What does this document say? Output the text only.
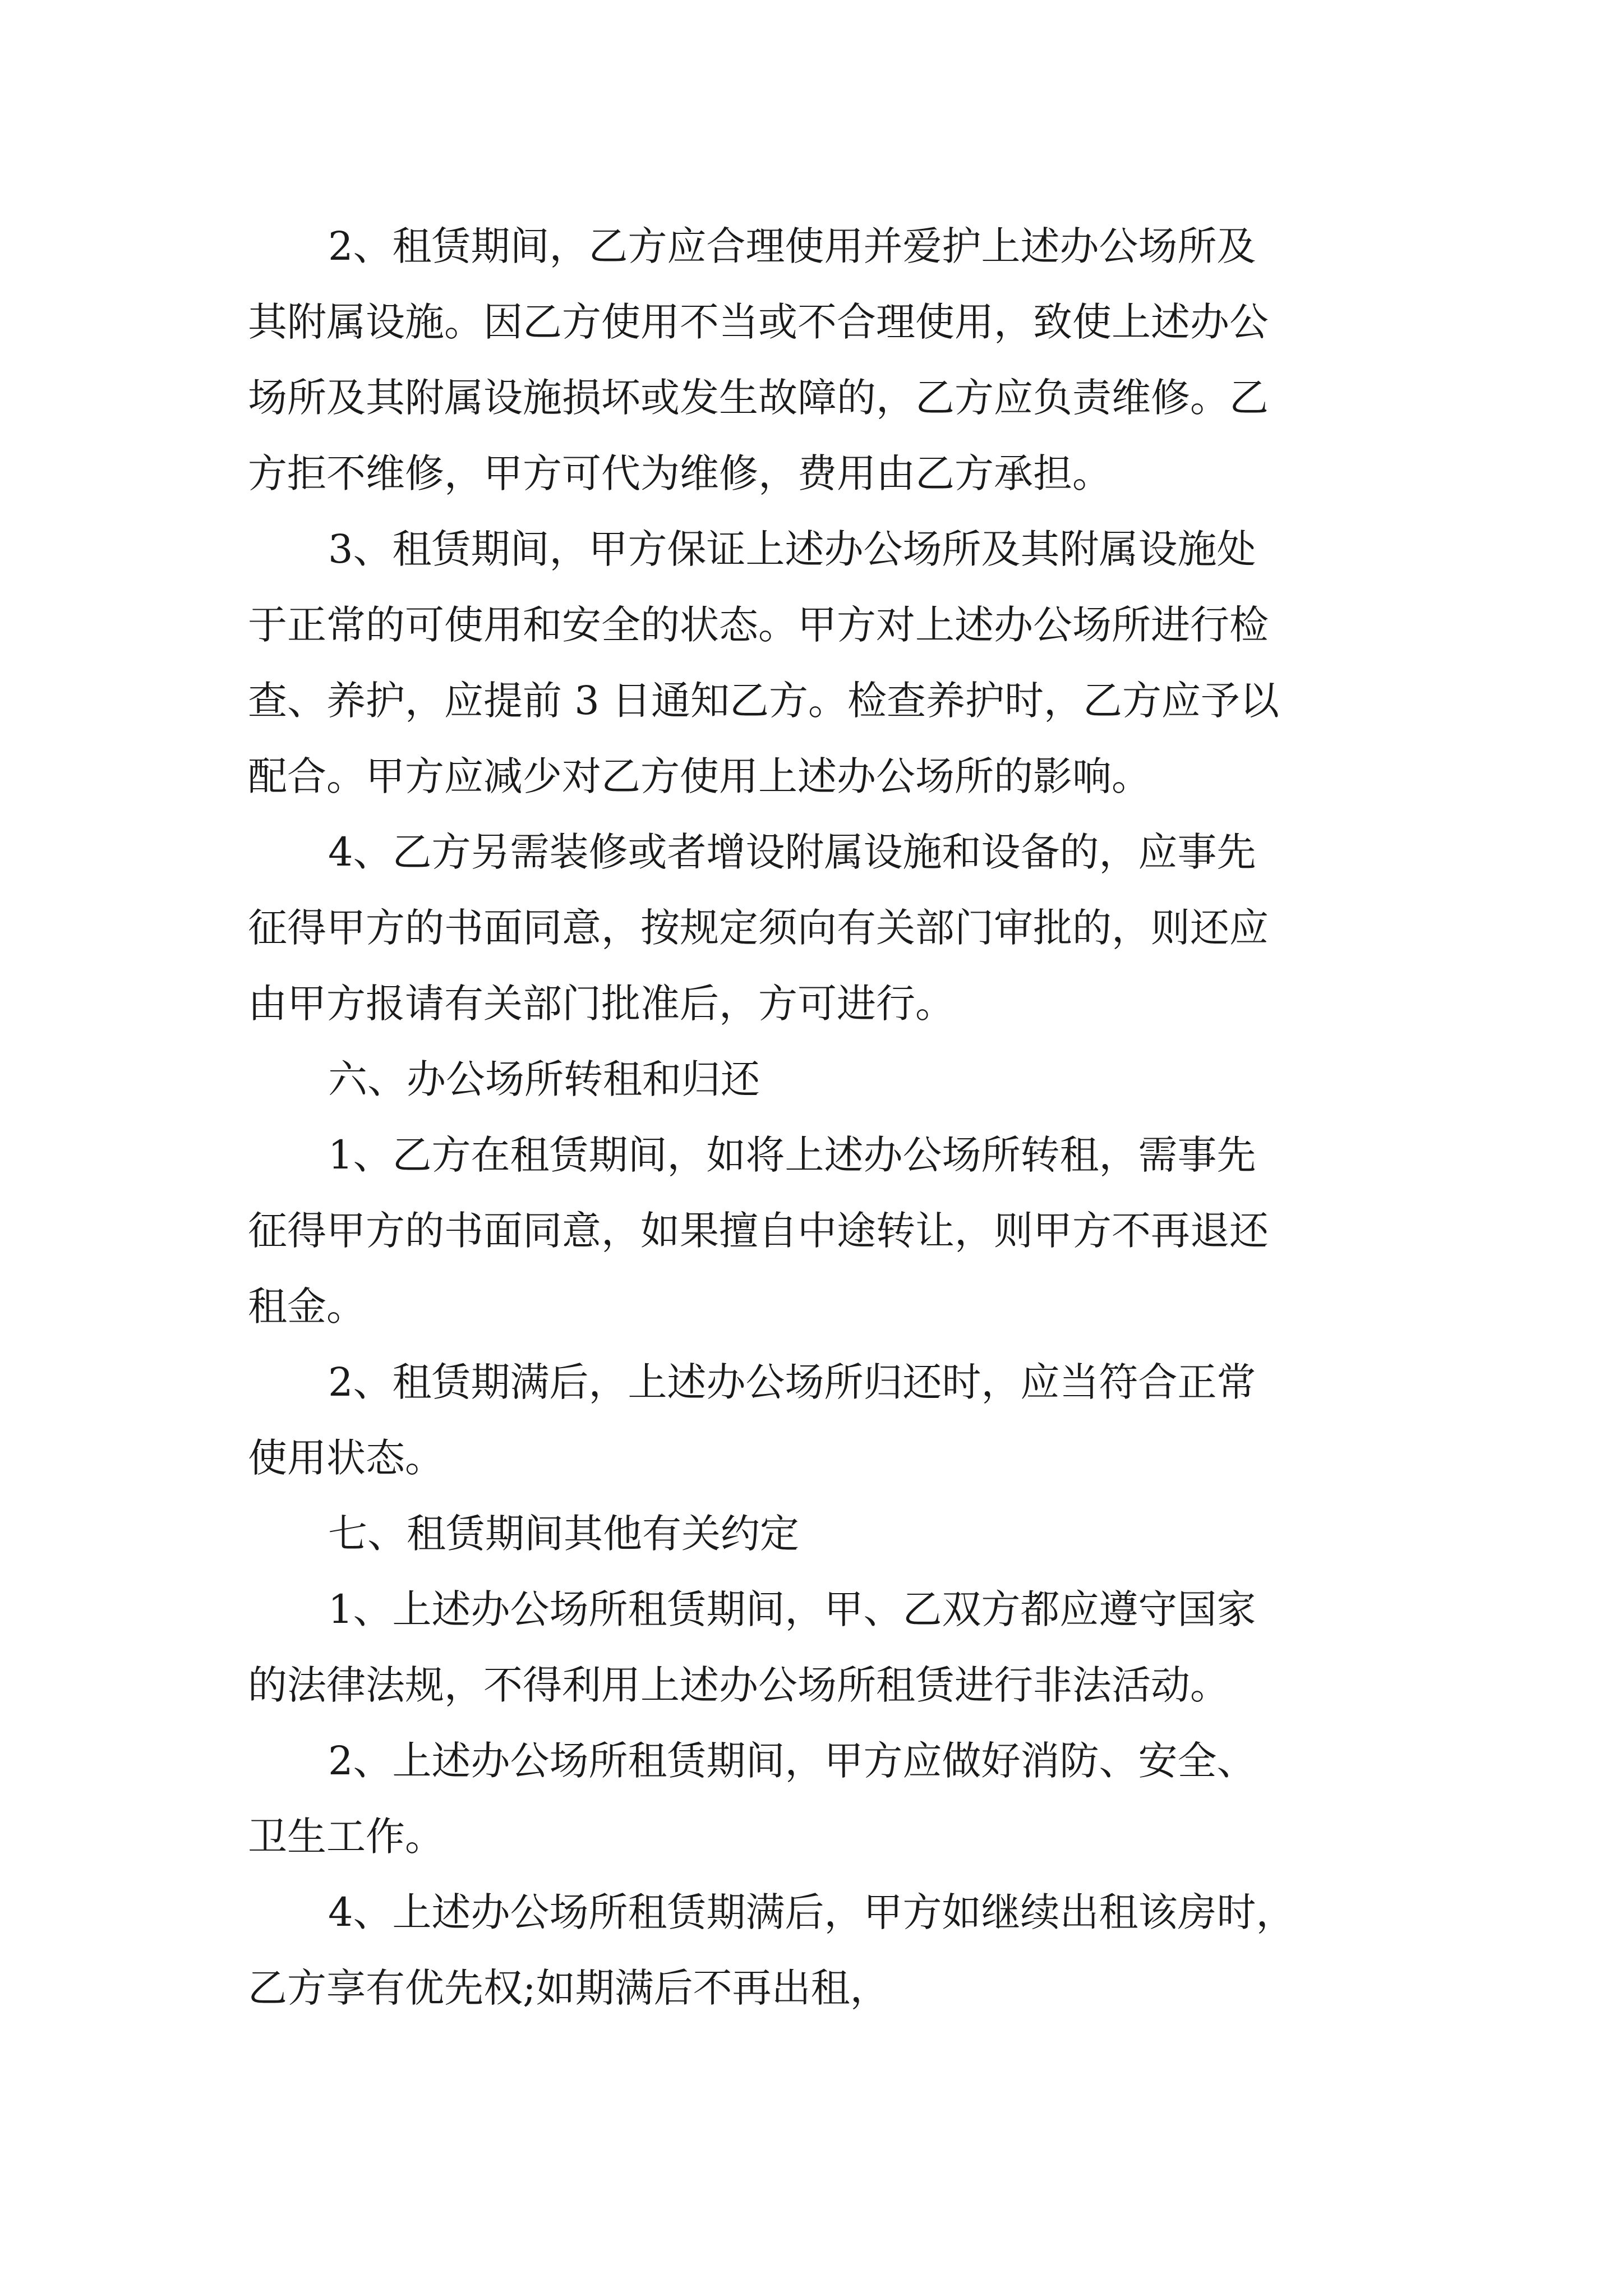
2、租赁期间，乙方应合理使用并爱护上述办公场所及
其附属设施。因乙方使用不当或不合理使用，致使上述办公
场所及其附属设施损坏或发生故障的，乙方应负责维修。乙
方拒不维修，甲方可代为维修，费用由乙方承担。
3、租赁期间，甲方保证上述办公场所及其附属设施处
于正常的可使用和安全的状态。甲方对上述办公场所进行检
查、养护，应提前 3 日通知乙方。检查养护时，乙方应予以
配合。甲方应减少对乙方使用上述办公场所的影响。
4、乙方另需装修或者增设附属设施和设备的，应事先
征得甲方的书面同意，按规定须向有关部门审批的，则还应
由甲方报请有关部门批准后，方可进行。
六、办公场所转租和归还
1、乙方在租赁期间，如将上述办公场所转租，需事先
征得甲方的书面同意，如果擅自中途转让，则甲方不再退还
租金。
2、租赁期满后，上述办公场所归还时，应当符合正常
使用状态。
七、租赁期间其他有关约定
1、上述办公场所租赁期间，甲、乙双方都应遵守国家
的法律法规，不得利用上述办公场所租赁进行非法活动。
2、上述办公场所租赁期间，甲方应做好消防、安全、
卫生工作。
4、上述办公场所租赁期满后，甲方如继续出租该房时，
乙方享有优先权;如期满后不再出租，
